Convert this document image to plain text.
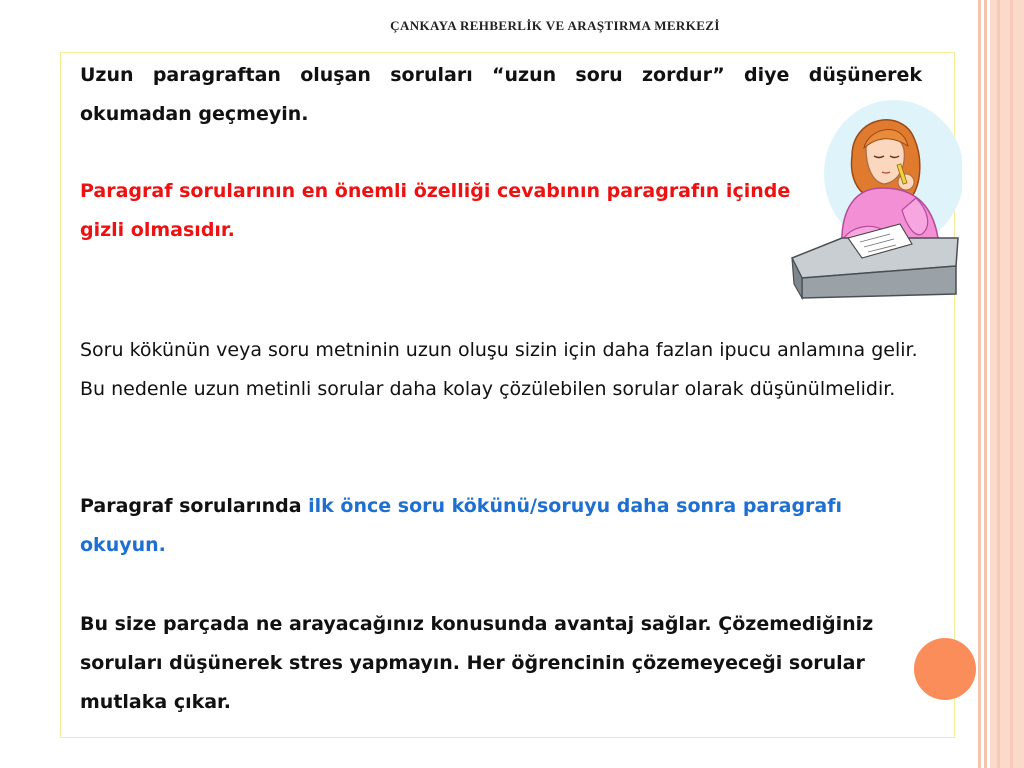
ÇANKAYA REHBERLİK VE ARAŞTIRMA MERKEZİ

Uzun paragraftan oluşan soruları “uzun soru zordur” diye düşünerek okumadan geçmeyin.

Paragraf sorularının en önemli özelliği cevabının paragrafın içinde gizli olmasıdır.

Soru kökünün veya soru metninin uzun oluşu sizin için daha fazlan ipucu anlamına gelir. Bu nedenle uzun metinli sorular daha kolay çözülebilen sorular olarak düşünülmelidir.

Paragraf sorularında ilk önce soru kökünü/soruyu daha sonra paragrafı okuyun.

Bu size parçada ne arayacağınız konusunda avantaj sağlar. Çözemediğiniz soruları düşünerek stres yapmayın. Her öğrencinin çözemeyeceği sorular mutlaka çıkar.
